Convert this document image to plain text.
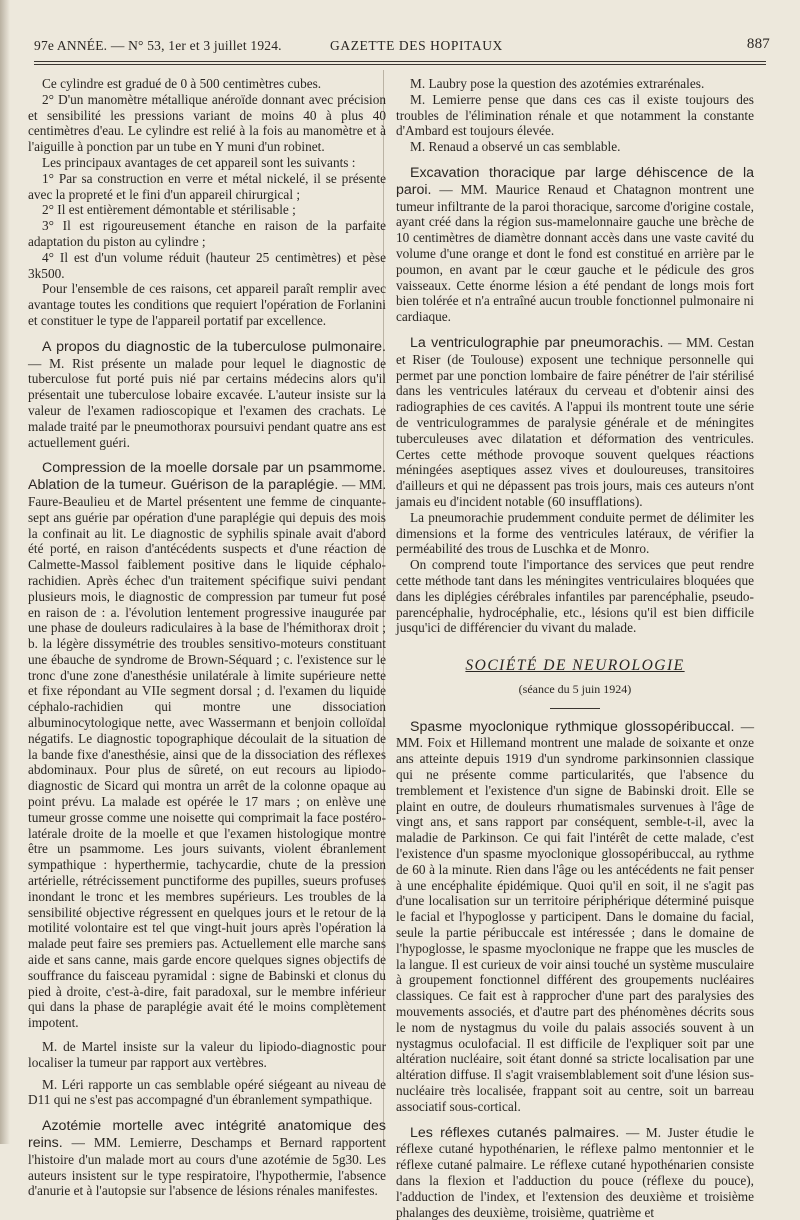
97e ANNÉE. — N° 53, 1er et 3 juillet 1924.	GAZETTE DES HOPITAUX	887

Ce cylindre est gradué de 0 à 500 centimètres cubes.

2° D'un manomètre métallique anéroïde donnant avec précision et sensibilité les pressions variant de moins 40 à plus 40 centimètres d'eau. Le cylindre est relié à la fois au manomètre et à l'aiguille à ponction par un tube en Y muni d'un robinet.

Les principaux avantages de cet appareil sont les suivants :

1° Par sa construction en verre et métal nickelé, il se présente avec la propreté et le fini d'un appareil chirurgical ;

2° Il est entièrement démontable et stérilisable ;

3° Il est rigoureusement étanche en raison de la parfaite adaptation du piston au cylindre ;

4° Il est d'un volume réduit (hauteur 25 centimètres) et pèse 3k500.

Pour l'ensemble de ces raisons, cet appareil paraît remplir avec avantage toutes les conditions que requiert l'opération de Forlanini et constituer le type de l'appareil portatif par excellence.

A propos du diagnostic de la tuberculose pulmonaire. — M. Rist présente un malade pour lequel le diagnostic de tuberculose fut porté puis nié par certains médecins alors qu'il présentait une tuberculose lobaire excavée. L'auteur insiste sur la valeur de l'examen radioscopique et l'examen des crachats. Le malade traité par le pneumothorax poursuivi pendant quatre ans est actuellement guéri.

Compression de la moelle dorsale par un psammome. Ablation de la tumeur. Guérison de la paraplégie. — MM. Faure-Beaulieu et de Martel présentent une femme de cinquante-sept ans guérie par opération d'une paraplégie qui depuis des mois la confinait au lit. Le diagnostic de syphilis spinale avait d'abord été porté, en raison d'antécédents suspects et d'une réaction de Calmette-Massol faiblement positive dans le liquide céphalo-rachidien. Après échec d'un traitement spécifique suivi pendant plusieurs mois, le diagnostic de compression par tumeur fut posé en raison de : a. l'évolution lentement progressive inaugurée par une phase de douleurs radiculaires à la base de l'hémithorax droit ; b. la légère dissymétrie des troubles sensitivo-moteurs constituant une ébauche de syndrome de Brown-Séquard ; c. l'existence sur le tronc d'une zone d'anesthésie unilatérale à limite supérieure nette et fixe répondant au VIIe segment dorsal ; d. l'examen du liquide céphalo-rachidien qui montre une dissociation albuminocytologique nette, avec Wassermann et benjoin colloïdal négatifs. Le diagnostic topographique découlait de la situation de la bande fixe d'anesthésie, ainsi que de la dissociation des réflexes abdominaux. Pour plus de sûreté, on eut recours au lipiodo-diagnostic de Sicard qui montra un arrêt de la colonne opaque au point prévu. La malade est opérée le 17 mars ; on enlève une tumeur grosse comme une noisette qui comprimait la face postéro-latérale droite de la moelle et que l'examen histologique montre être un psammome. Les jours suivants, violent ébranlement sympathique : hyperthermie, tachycardie, chute de la pression artérielle, rétrécissement punctiforme des pupilles, sueurs profuses inondant le tronc et les membres supérieurs. Les troubles de la sensibilité objective régressent en quelques jours et le retour de la motilité volontaire est tel que vingt-huit jours après l'opération la malade peut faire ses premiers pas. Actuellement elle marche sans aide et sans canne, mais garde encore quelques signes objectifs de souffrance du faisceau pyramidal : signe de Babinski et clonus du pied à droite, c'est-à-dire, fait paradoxal, sur le membre inférieur qui dans la phase de paraplégie avait été le moins complètement impotent.

M. de Martel insiste sur la valeur du lipiodo-diagnostic pour localiser la tumeur par rapport aux vertèbres.

M. Léri rapporte un cas semblable opéré siégeant au niveau de D11 qui ne s'est pas accompagné d'un ébranlement sympathique.

Azotémie mortelle avec intégrité anatomique des reins. — MM. Lemierre, Deschamps et Bernard rapportent l'histoire d'un malade mort au cours d'une azotémie de 5g30. Les auteurs insistent sur le type respiratoire, l'hypothermie, l'absence d'anurie et à l'autopsie sur l'absence de lésions rénales manifestes.

M. Laubry pose la question des azotémies extrarénales.

M. Lemierre pense que dans ces cas il existe toujours des troubles de l'élimination rénale et que notamment la constante d'Ambard est toujours élevée.

M. Renaud a observé un cas semblable.

Excavation thoracique par large déhiscence de la paroi. — MM. Maurice Renaud et Chatagnon montrent une tumeur infiltrante de la paroi thoracique, sarcome d'origine costale, ayant créé dans la région sus-mamelonnaire gauche une brèche de 10 centimètres de diamètre donnant accès dans une vaste cavité du volume d'une orange et dont le fond est constitué en arrière par le poumon, en avant par le cœur gauche et le pédicule des gros vaisseaux. Cette énorme lésion a été pendant de longs mois fort bien tolérée et n'a entraîné aucun trouble fonctionnel pulmonaire ni cardiaque.

La ventriculographie par pneumorachis. — MM. Cestan et Riser (de Toulouse) exposent une technique personnelle qui permet par une ponction lombaire de faire pénétrer de l'air stérilisé dans les ventricules latéraux du cerveau et d'obtenir ainsi des radiographies de ces cavités. A l'appui ils montrent toute une série de ventriculogrammes de paralysie générale et de méningites tuberculeuses avec dilatation et déformation des ventricules. Certes cette méthode provoque souvent quelques réactions méningées aseptiques assez vives et douloureuses, transitoires d'ailleurs et qui ne dépassent pas trois jours, mais ces auteurs n'ont jamais eu d'incident notable (60 insufflations).

La pneumorachie prudemment conduite permet de délimiter les dimensions et la forme des ventricules latéraux, de vérifier la perméabilité des trous de Luschka et de Monro.

On comprend toute l'importance des services que peut rendre cette méthode tant dans les méningites ventriculaires bloquées que dans les diplégies cérébrales infantiles par parencéphalie, pseudo-parencéphalie, hydrocéphalie, etc., lésions qu'il est bien difficile jusqu'ici de différencier du vivant du malade.

SOCIÉTÉ DE NEUROLOGIE
(séance du 5 juin 1924)

Spasme myoclonique rythmique glossopéribuccal. — MM. Foix et Hillemand montrent une malade de soixante et onze ans atteinte depuis 1919 d'un syndrome parkinsonnien classique qui ne présente comme particularités, que l'absence du tremblement et l'existence d'un signe de Babinski droit. Elle se plaint en outre, de douleurs rhumatismales survenues à l'âge de vingt ans, et sans rapport par conséquent, semble-t-il, avec la maladie de Parkinson. Ce qui fait l'intérêt de cette malade, c'est l'existence d'un spasme myoclonique glossopéribuccal, au rythme de 60 à la minute. Rien dans l'âge ou les antécédents ne fait penser à une encéphalite épidémique. Quoi qu'il en soit, il ne s'agit pas d'une localisation sur un territoire périphérique déterminé puisque le facial et l'hypoglosse y participent. Dans le domaine du facial, seule la partie péribuccale est intéressée ; dans le domaine de l'hypoglosse, le spasme myoclonique ne frappe que les muscles de la langue. Il est curieux de voir ainsi touché un système musculaire à groupement fonctionnel différent des groupements nucléaires classiques. Ce fait est à rapprocher d'une part des paralysies des mouvements associés, et d'autre part des phénomènes décrits sous le nom de nystagmus du voile du palais associés souvent à un nystagmus oculofacial. Il est difficile de l'expliquer soit par une altération nucléaire, soit étant donné sa stricte localisation par une altération diffuse. Il s'agit vraisemblablement soit d'une lésion sus-nucléaire très localisée, frappant soit au centre, soit un barreau associatif sous-cortical.

Les réflexes cutanés palmaires. — M. Juster étudie le réflexe cutané hypothénarien, le réflexe palmo mentonnier et le réflexe cutané palmaire. Le réflexe cutané hypothénarien consiste dans la flexion et l'adduction du pouce (réflexe du pouce), l'adduction de l'index, et l'extension des deuxième et troisième phalanges des deuxième, troisième, quatrième et
